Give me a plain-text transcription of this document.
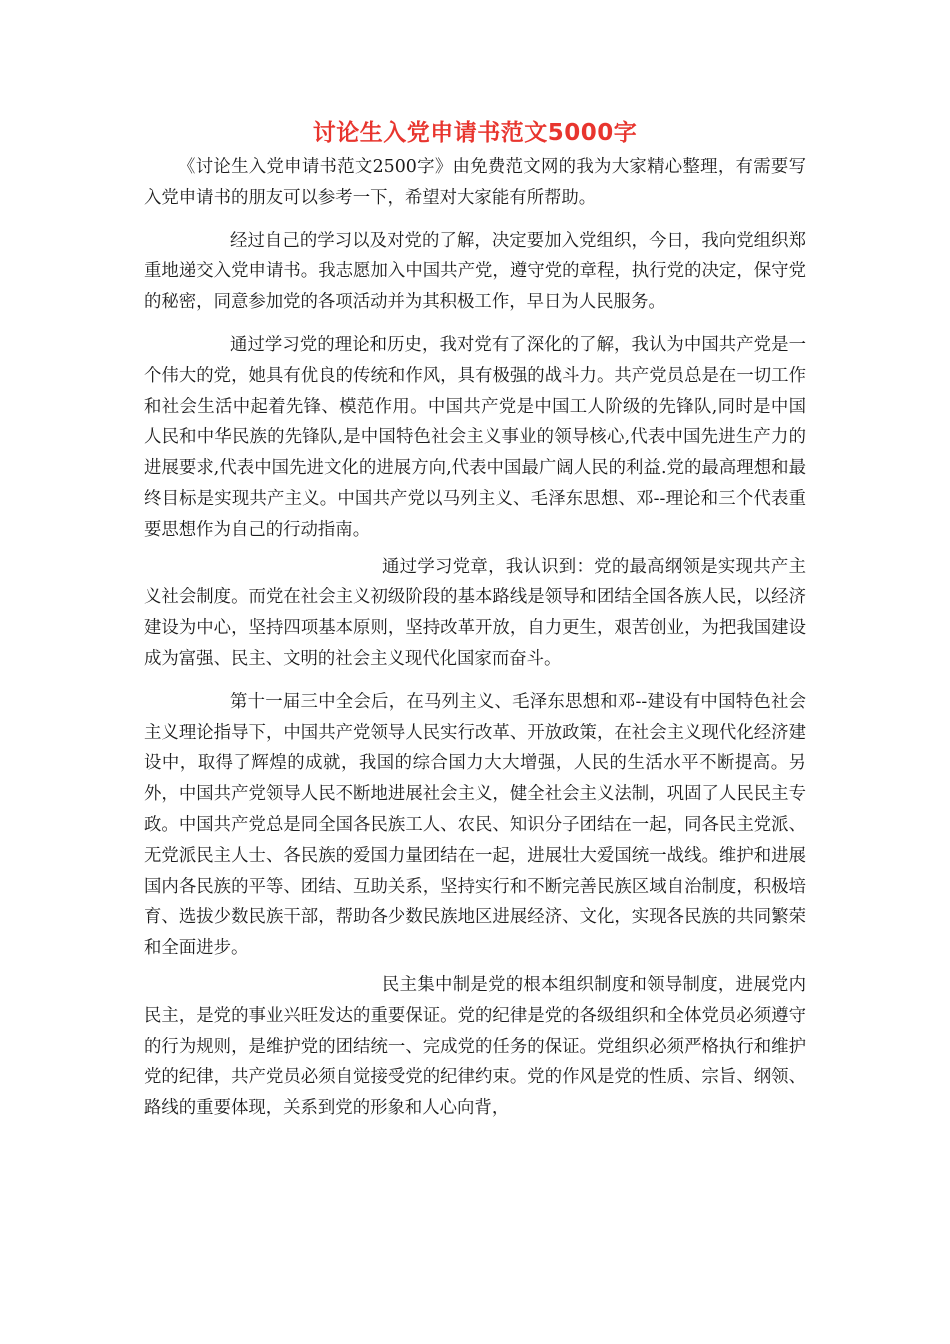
讨论生入党申请书范文5000字

《讨论生入党申请书范文2500字》由免费范文网的我为大家精心整理，有需要写入党申请书的朋友可以参考一下，希望对大家能有所帮助。

经过自己的学习以及对党的了解，决定要加入党组织，今日，我向党组织郑重地递交入党申请书。我志愿加入中国共产党，遵守党的章程，执行党的决定，保守党的秘密，同意参加党的各项活动并为其积极工作，早日为人民服务。

通过学习党的理论和历史，我对党有了深化的了解，我认为中国共产党是一个伟大的党，她具有优良的传统和作风，具有极强的战斗力。共产党员总是在一切工作和社会生活中起着先锋、模范作用。中国共产党是中国工人阶级的先锋队,同时是中国人民和中华民族的先锋队,是中国特色社会主义事业的领导核心,代表中国先进生产力的进展要求,代表中国先进文化的进展方向,代表中国最广阔人民的利益.党的最高理想和最终目标是实现共产主义。中国共产党以马列主义、毛泽东思想、邓--理论和三个代表重要思想作为自己的行动指南。

通过学习党章，我认识到：党的最高纲领是实现共产主义社会制度。而党在社会主义初级阶段的基本路线是领导和团结全国各族人民，以经济建设为中心，坚持四项基本原则，坚持改革开放，自力更生，艰苦创业，为把我国建设成为富强、民主、文明的社会主义现代化国家而奋斗。

第十一届三中全会后，在马列主义、毛泽东思想和邓--建设有中国特色社会主义理论指导下，中国共产党领导人民实行改革、开放政策，在社会主义现代化经济建设中，取得了辉煌的成就，我国的综合国力大大增强，人民的生活水平不断提高。另外，中国共产党领导人民不断地进展社会主义，健全社会主义法制，巩固了人民民主专政。中国共产党总是同全国各民族工人、农民、知识分子团结在一起，同各民主党派、无党派民主人士、各民族的爱国力量团结在一起，进展壮大爱国统一战线。维护和进展国内各民族的平等、团结、互助关系，坚持实行和不断完善民族区域自治制度，积极培育、选拔少数民族干部，帮助各少数民族地区进展经济、文化，实现各民族的共同繁荣和全面进步。

民主集中制是党的根本组织制度和领导制度，进展党内民主，是党的事业兴旺发达的重要保证。党的纪律是党的各级组织和全体党员必须遵守的行为规则，是维护党的团结统一、完成党的任务的保证。党组织必须严格执行和维护党的纪律，共产党员必须自觉接受党的纪律约束。党的作风是党的性质、宗旨、纲领、路线的重要体现，关系到党的形象和人心向背，
